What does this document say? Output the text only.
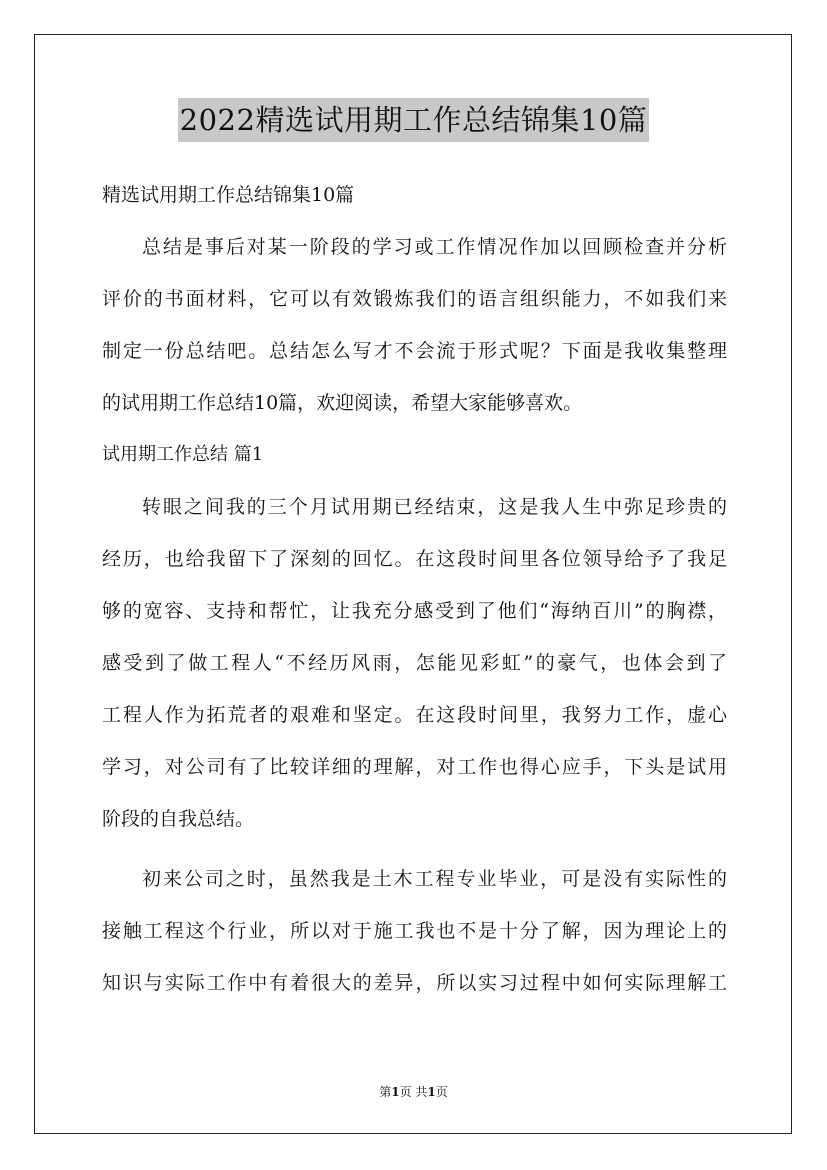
2022精选试用期工作总结锦集10篇
精选试用期工作总结锦集10篇
总结是事后对某一阶段的学习或工作情况作加以回顾检查并分析
评价的书面材料，它可以有效锻炼我们的语言组织能力，不如我们来
制定一份总结吧。总结怎么写才不会流于形式呢？下面是我收集整理
的试用期工作总结10篇，欢迎阅读，希望大家能够喜欢。
试用期工作总结 篇1
转眼之间我的三个月试用期已经结束，这是我人生中弥足珍贵的
经历，也给我留下了深刻的回忆。在这段时间里各位领导给予了我足
够的宽容、支持和帮忙，让我充分感受到了他们“海纳百川”的胸襟，
感受到了做工程人“不经历风雨，怎能见彩虹”的豪气，也体会到了
工程人作为拓荒者的艰难和坚定。在这段时间里，我努力工作，虚心
学习，对公司有了比较详细的理解，对工作也得心应手，下头是试用
阶段的自我总结。
初来公司之时，虽然我是土木工程专业毕业，可是没有实际性的
接触工程这个行业，所以对于施工我也不是十分了解，因为理论上的
知识与实际工作中有着很大的差异，所以实习过程中如何实际理解工
第1页 共1页
